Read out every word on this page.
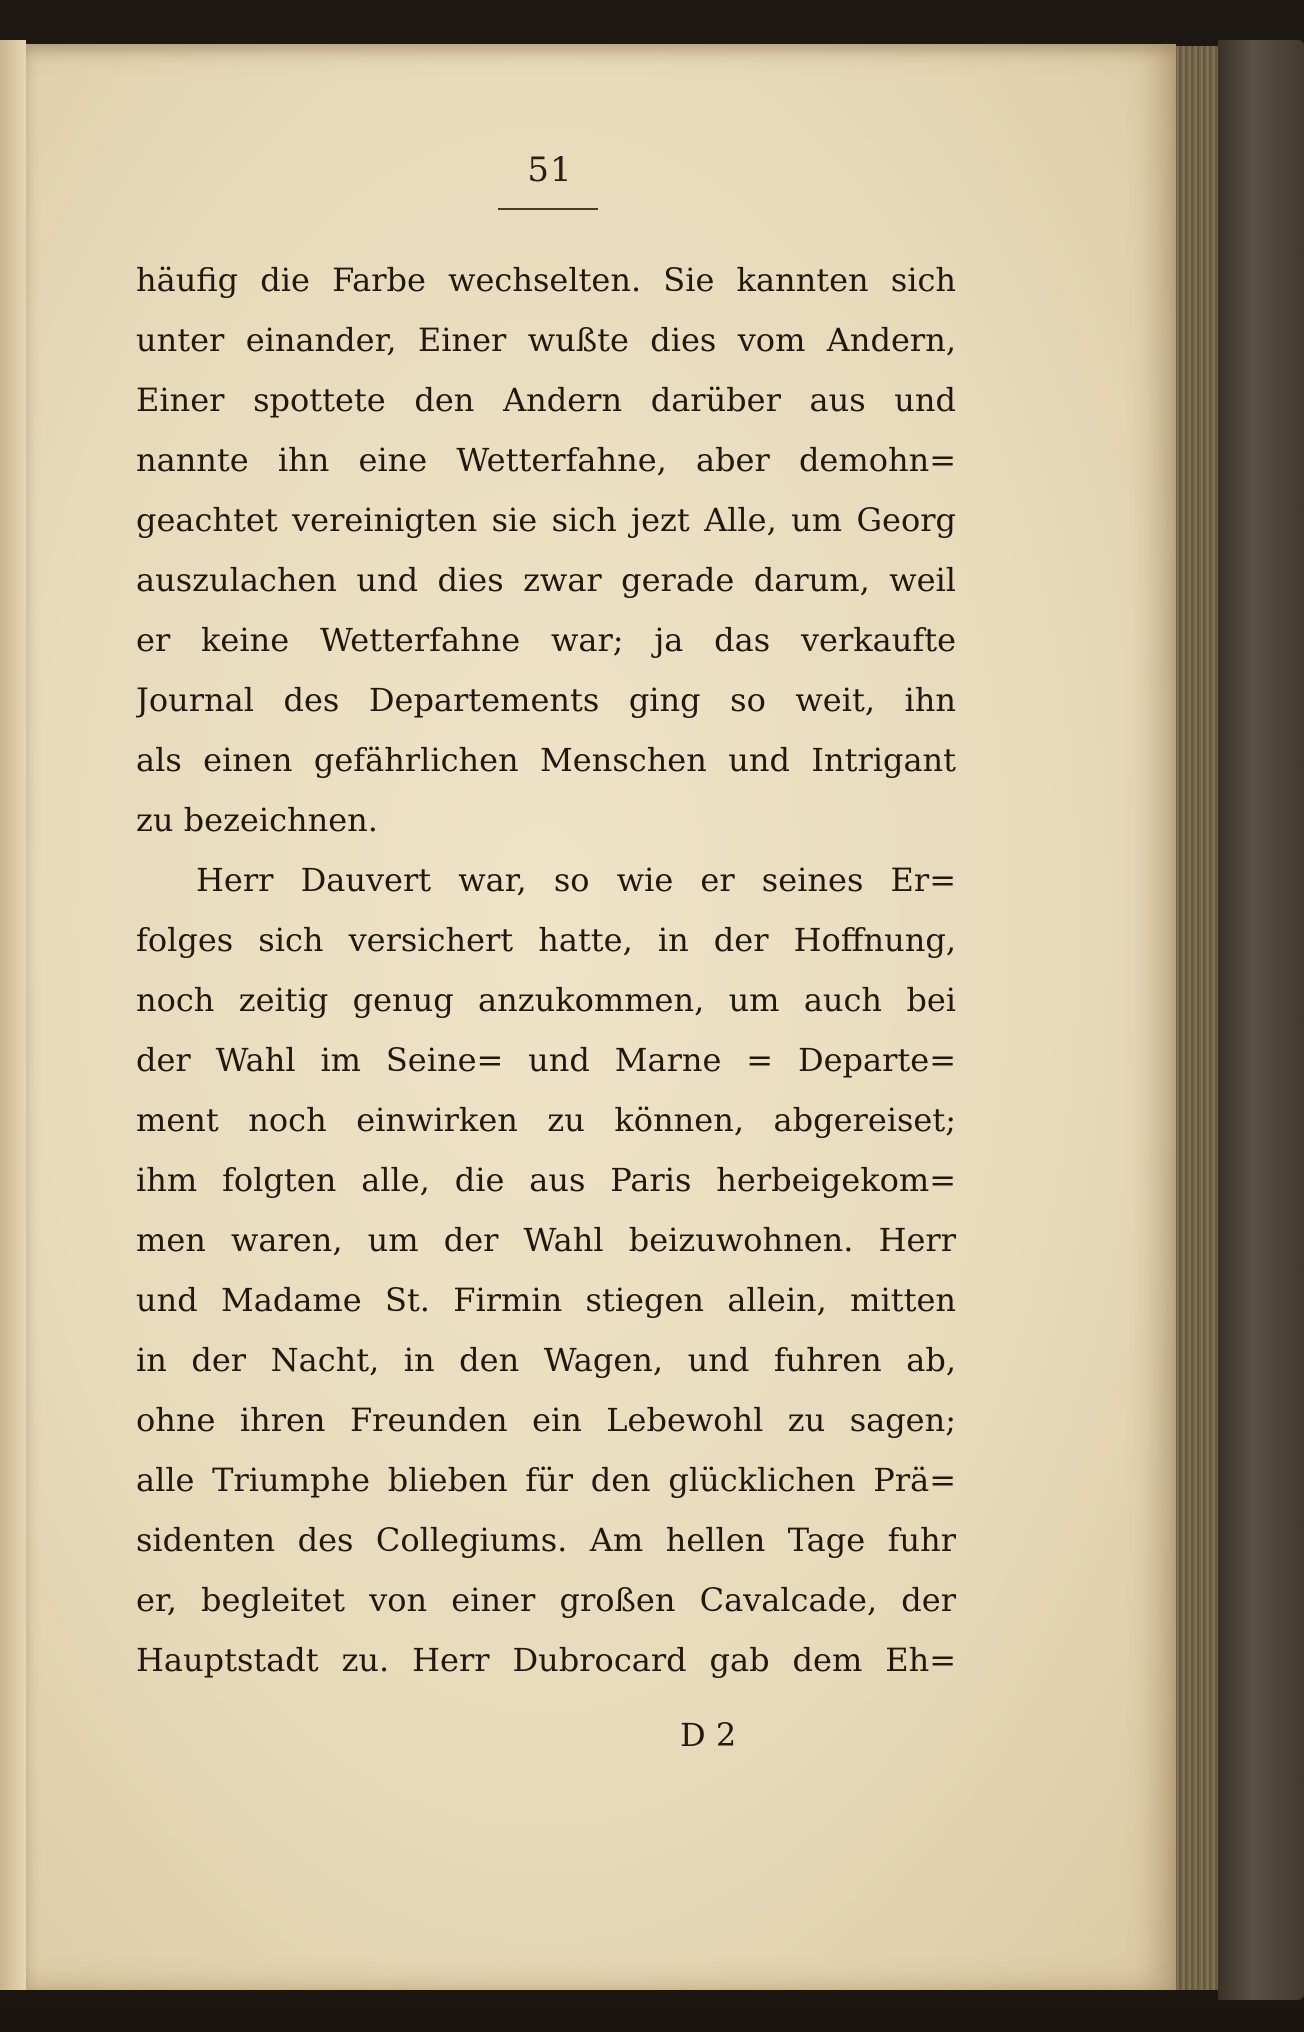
51
häufig die Farbe wechselten. Sie kannten sich
unter einander, Einer wußte dies vom Andern,
Einer spottete den Andern darüber aus und
nannte ihn eine Wetterfahne, aber demohn=
geachtet vereinigten sie sich jezt Alle, um Georg
auszulachen und dies zwar gerade darum, weil
er keine Wetterfahne war; ja das verkaufte
Journal des Departements ging so weit, ihn
als einen gefährlichen Menschen und Intrigant
zu bezeichnen.
Herr Dauvert war, so wie er seines Er=
folges sich versichert hatte, in der Hoffnung,
noch zeitig genug anzukommen, um auch bei
der Wahl im Seine= und Marne = Departe=
ment noch einwirken zu können, abgereiset;
ihm folgten alle, die aus Paris herbeigekom=
men waren, um der Wahl beizuwohnen. Herr
und Madame St. Firmin stiegen allein, mitten
in der Nacht, in den Wagen, und fuhren ab,
ohne ihren Freunden ein Lebewohl zu sagen;
alle Triumphe blieben für den glücklichen Prä=
sidenten des Collegiums. Am hellen Tage fuhr
er, begleitet von einer großen Cavalcade, der
Hauptstadt zu. Herr Dubrocard gab dem Eh=
D 2
